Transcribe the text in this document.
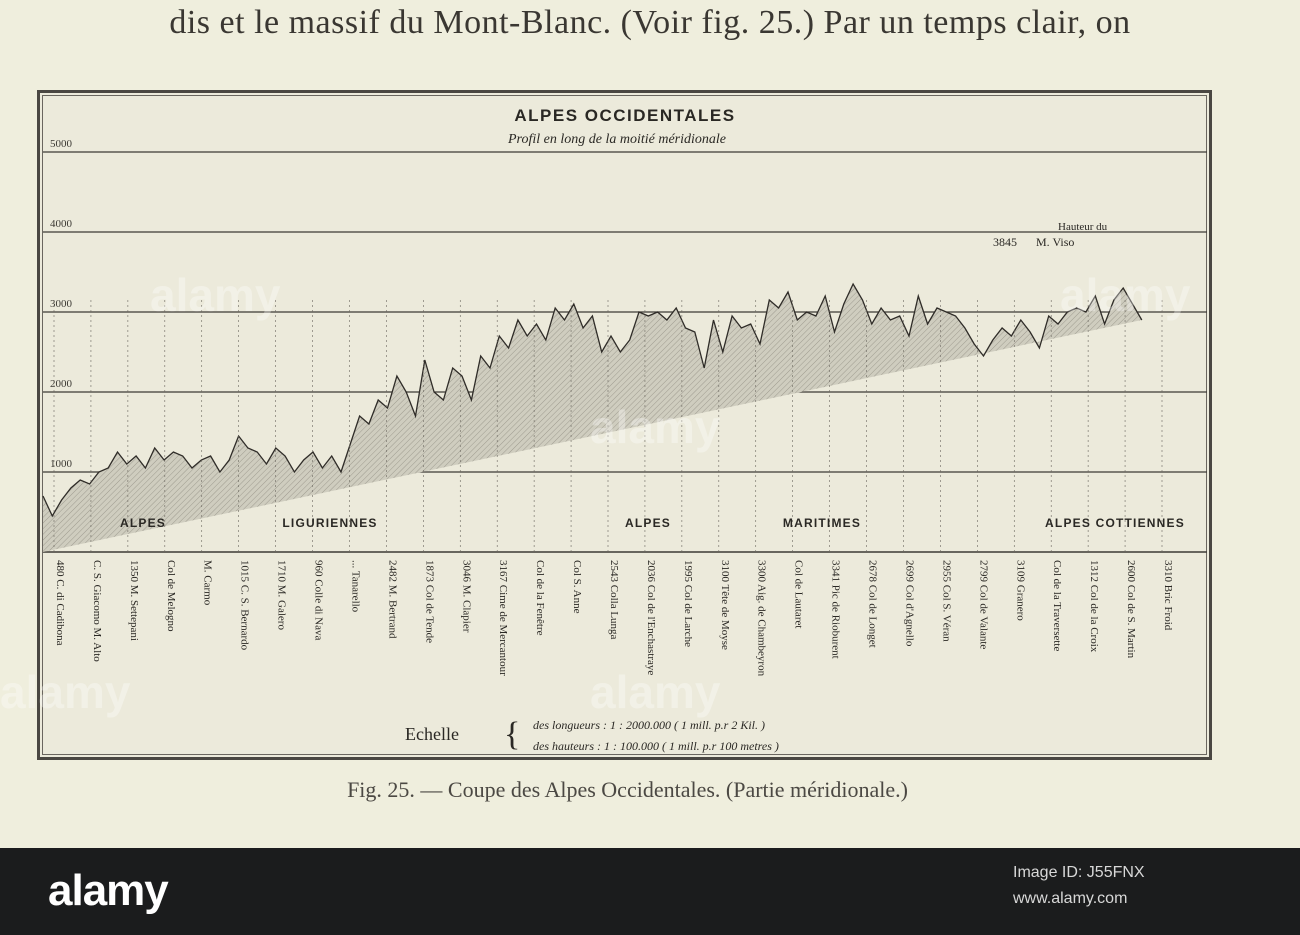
dis et le massif du Mont-Blanc. (Voir fig. 25.) Par un temps clair, on
5000
4000
3000
2000
1000
480 C. di Cadibona C. S. Giacomo M. Alto 1350 M. Settepani Col de Melogno M. Carmo 1015 C. S. Bernardo 1710 M. Galero 960 Colle di Nava ... Tanarello 2482 M. Bertrand 1873 Col de Tende 3046 M. Clapier 3167 Cime de Mercantour Col de la Fenêtre Col S. Anne 2543 Colla Lunga 2036 Col de l'Enchastraye 1995 Col de Larche 3100 Tête de Moyse 3300 Aig. de Chambeyron Col de Lautaret 3341 Pic de Rioburent 2678 Col de Longet 2699 Col d'Agnello 2955 Col S. Véran 2799 Col de Valante 3109 Granero Col de la Traversette 1312 Col de la Croix 2600 Col de S. Martin 3310 Bric Froid
ALPES	LIGURIENNES	ALPES	MARITIMES	ALPES COTTIENNES
ALPES OCCIDENTALES
Profil en long de la moitié méridionale
Hauteur du
3845 M. Viso
Echelle { des longueurs : 1 : 2000.000 ( 1 mill. p.r 2 Kil. )
des hauteurs : 1 : 100.000 ( 1 mill. p.r 100 metres )
Fig. 25. — Coupe des Alpes Occidentales. (Partie méridionale.)
alamy
alamy
alamy
alamy	alamy
alamy	Image ID: J55FNX
www.alamy.com
